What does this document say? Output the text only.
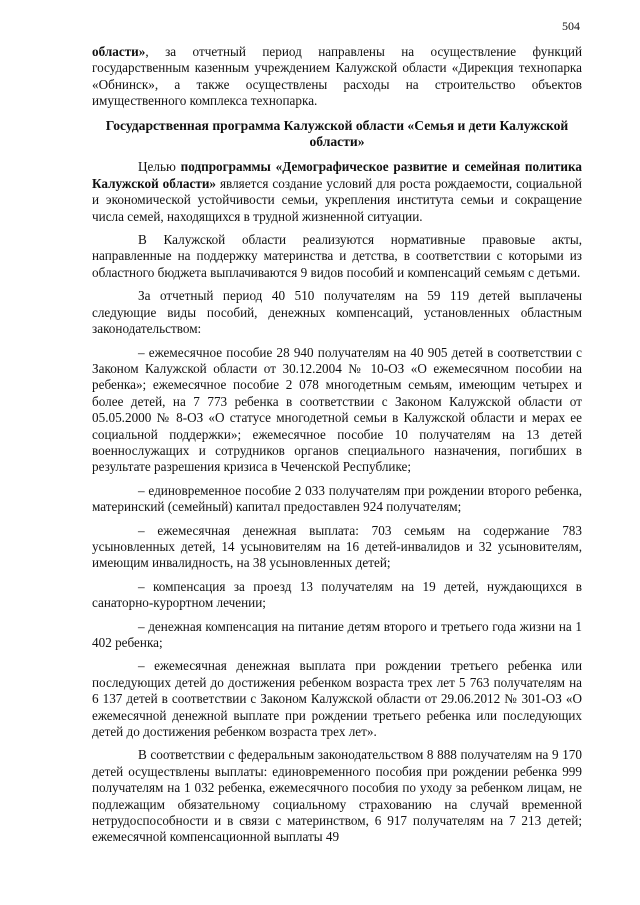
504

области», за отчетный период направлены на осуществление функций государственным казенным учреждением Калужской области «Дирекция технопарка «Обнинск», а также осуществлены расходы на строительство объектов имущественного комплекса технопарка.

Государственная программа Калужской области «Семья и дети Калужской области»

Целью подпрограммы «Демографическое развитие и семейная политика Калужской области» является создание условий для роста рождаемости, социальной и экономической устойчивости семьи, укрепления института семьи и сокращение числа семей, находящихся в трудной жизненной ситуации.

В Калужской области реализуются нормативные правовые акты, направленные на поддержку материнства и детства, в соответствии с которыми из областного бюджета выплачиваются 9 видов пособий и компенсаций семьям с детьми.

За отчетный период 40 510 получателям на 59 119 детей выплачены следующие виды пособий, денежных компенсаций, установленных областным законодательством:

– ежемесячное пособие 28 940 получателям на 40 905 детей в соответствии с Законом Калужской области от 30.12.2004 № 10-ОЗ «О ежемесячном пособии на ребенка»; ежемесячное пособие 2 078 многодетным семьям, имеющим четырех и более детей, на 7 773 ребенка в соответствии с Законом Калужской области от 05.05.2000 № 8-ОЗ «О статусе многодетной семьи в Калужской области и мерах ее социальной поддержки»; ежемесячное пособие 10 получателям на 13 детей военнослужащих и сотрудников органов специального назначения, погибших в результате разрешения кризиса в Чеченской Республике;

– единовременное пособие 2 033 получателям при рождении второго ребенка, материнский (семейный) капитал предоставлен 924 получателям;

– ежемесячная денежная выплата: 703 семьям на содержание 783 усыновленных детей, 14 усыновителям на 16 детей-инвалидов и 32 усыновителям, имеющим инвалидность, на 38 усыновленных детей;

– компенсация за проезд 13 получателям на 19 детей, нуждающихся в санаторно-курортном лечении;

– денежная компенсация на питание детям второго и третьего года жизни на 1 402 ребенка;

– ежемесячная денежная выплата при рождении третьего ребенка или последующих детей до достижения ребенком возраста трех лет 5 763 получателям на 6 137 детей в соответствии с Законом Калужской области от 29.06.2012 № 301-ОЗ «О ежемесячной денежной выплате при рождении третьего ребенка или последующих детей до достижения ребенком возраста трех лет».

В соответствии с федеральным законодательством 8 888 получателям на 9 170 детей осуществлены выплаты: единовременного пособия при рождении ребенка 999 получателям на 1 032 ребенка, ежемесячного пособия по уходу за ребенком лицам, не подлежащим обязательному социальному страхованию на случай временной нетрудоспособности и в связи с материнством, 6 917 получателям на 7 213 детей; ежемесячной компенсационной выплаты 49
